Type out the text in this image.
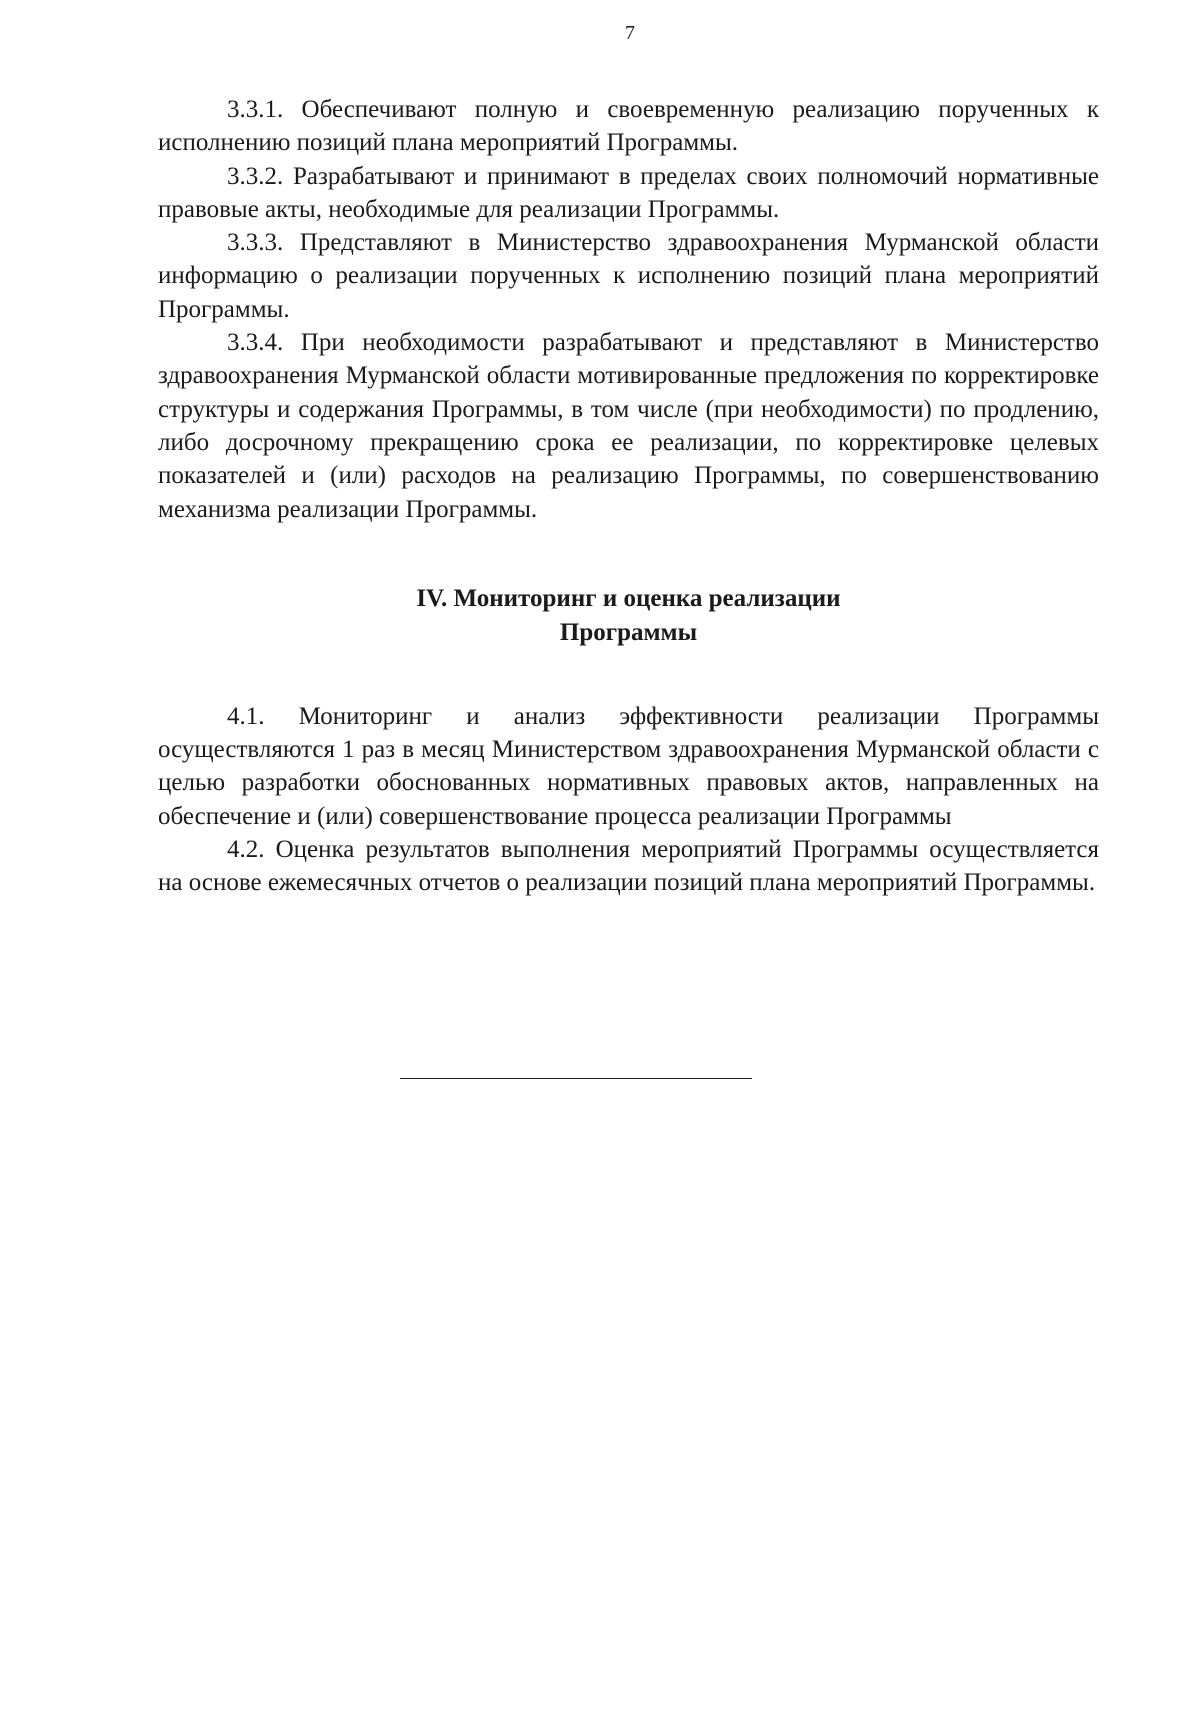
7

3.3.1. Обеспечивают полную и своевременную реализацию порученных к исполнению позиций плана мероприятий Программы.

3.3.2. Разрабатывают и принимают в пределах своих полномочий нормативные правовые акты, необходимые для реализации Программы.

3.3.3. Представляют в Министерство здравоохранения Мурманской области информацию о реализации порученных к исполнению позиций плана мероприятий Программы.

3.3.4. При необходимости разрабатывают и представляют в Министерство здравоохранения Мурманской области мотивированные предложения по корректировке структуры и содержания Программы, в том числе (при необходимости) по продлению, либо досрочному прекращению срока ее реализации, по корректировке целевых показателей и (или) расходов на реализацию Программы, по совершенствованию механизма реализации Программы.

IV. Мониторинг и оценка реализации
Программы

4.1. Мониторинг и анализ эффективности реализации Программы осуществляются 1 раз в месяц Министерством здравоохранения Мурманской области с целью разработки обоснованных нормативных правовых актов, направленных на обеспечение и (или) совершенствование процесса реализации Программы

4.2. Оценка результатов выполнения мероприятий Программы осуществляется на основе ежемесячных отчетов о реализации позиций плана мероприятий Программы.
